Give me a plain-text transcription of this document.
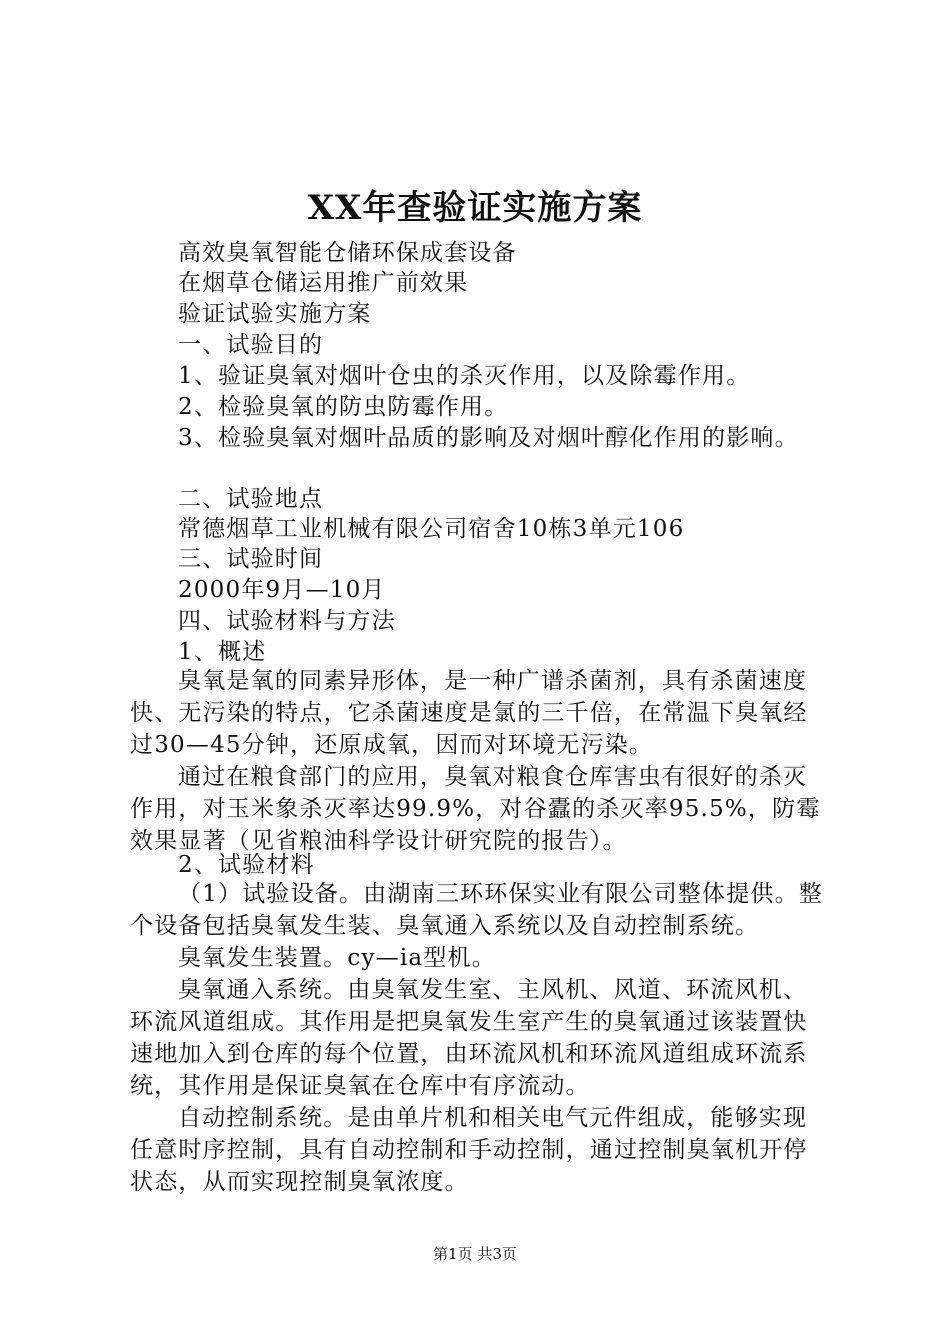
XX年查验证实施方案
高效臭氧智能仓储环保成套设备
在烟草仓储运用推广前效果
验证试验实施方案
一、试验目的
1、验证臭氧对烟叶仓虫的杀灭作用，以及除霉作用。
2、检验臭氧的防虫防霉作用。
3、检验臭氧对烟叶品质的影响及对烟叶醇化作用的影响。
二、试验地点
常德烟草工业机械有限公司宿舍10栋3单元106
三、试验时间
2000年9月—10月
四、试验材料与方法
1、概述
臭氧是氧的同素异形体，是一种广谱杀菌剂，具有杀菌速度快、无污染的特点，它杀菌速度是氯的三千倍，在常温下臭氧经过30—45分钟，还原成氧，因而对环境无污染。
通过在粮食部门的应用，臭氧对粮食仓库害虫有很好的杀灭作用，对玉米象杀灭率达99.9%，对谷蠹的杀灭率95.5%，防霉效果显著（见省粮油科学设计研究院的报告）。
2、试验材料
（1）试验设备。由湖南三环环保实业有限公司整体提供。整个设备包括臭氧发生装、臭氧通入系统以及自动控制系统。
臭氧发生装置。cy—ia型机。
臭氧通入系统。由臭氧发生室、主风机、风道、环流风机、环流风道组成。其作用是把臭氧发生室产生的臭氧通过该装置快速地加入到仓库的每个位置，由环流风机和环流风道组成环流系统，其作用是保证臭氧在仓库中有序流动。
自动控制系统。是由单片机和相关电气元件组成，能够实现任意时序控制，具有自动控制和手动控制，通过控制臭氧机开停状态，从而实现控制臭氧浓度。
第1页 共3页
